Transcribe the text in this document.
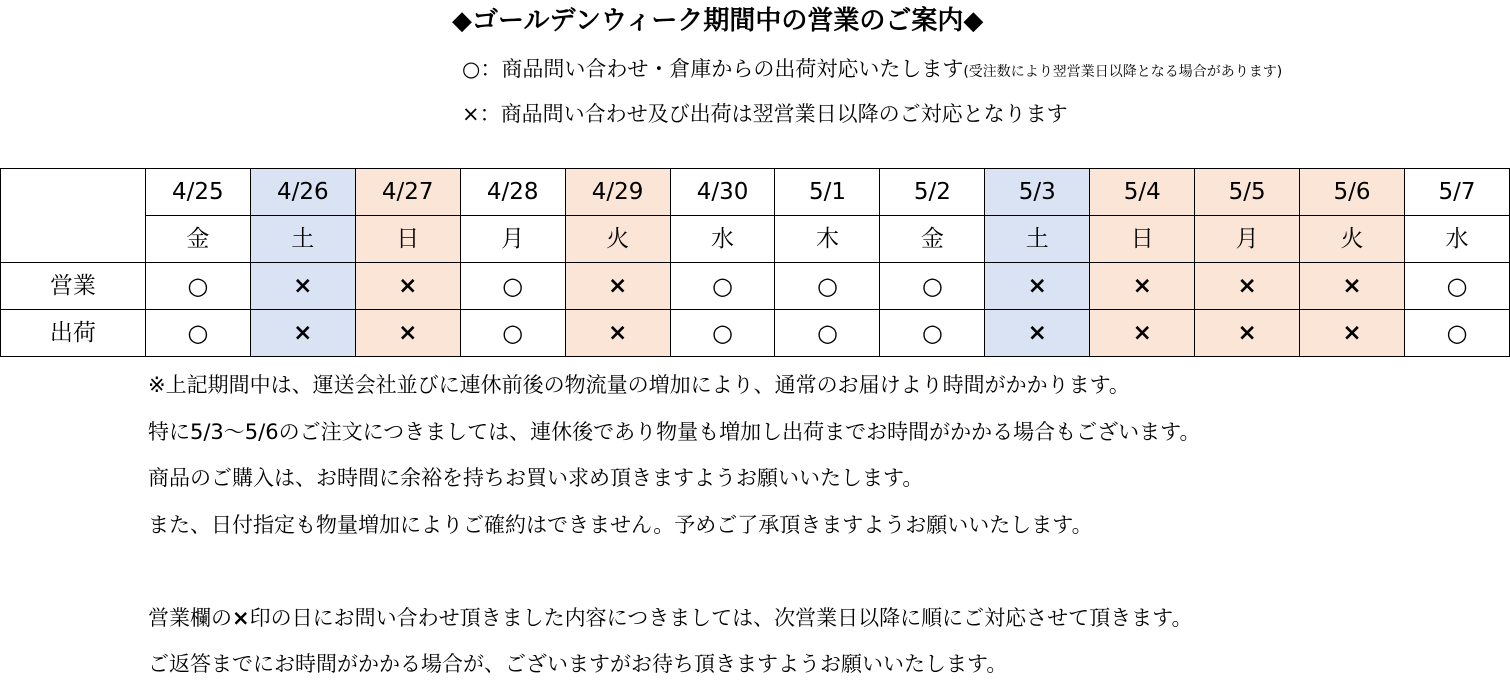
◆ゴールデンウィーク期間中の営業のご案内◆
○：商品問い合わせ・倉庫からの出荷対応いたします(受注数により翌営業日以降となる場合があります)
×：商品問い合わせ及び出荷は翌営業日以降のご対応となります
	4/25	4/26	4/27	4/28	4/29	4/30	5/1	5/2	5/3	5/4	5/5	5/6	5/7
	金	土	日	月	火	水	木	金	土	日	月	火	水
営業	○	×	×	○	×	○	○	○	×	×	×	×	○
出荷	○	×	×	○	×	○	○	○	×	×	×	×	○

※上記期間中は、運送会社並びに連休前後の物流量の増加により、通常のお届けより時間がかかります。

特に5/3～5/6のご注文につきましては、連休後であり物量も増加し出荷までお時間がかかる場合もございます。

商品のご購入は、お時間に余裕を持ちお買い求め頂きますようお願いいたします。

また、日付指定も物量増加によりご確約はできません。予めご了承頂きますようお願いいたします。

営業欄の×印の日にお問い合わせ頂きました内容につきましては、次営業日以降に順にご対応させて頂きます。

ご返答までにお時間がかかる場合が、ございますがお待ち頂きますようお願いいたします。
